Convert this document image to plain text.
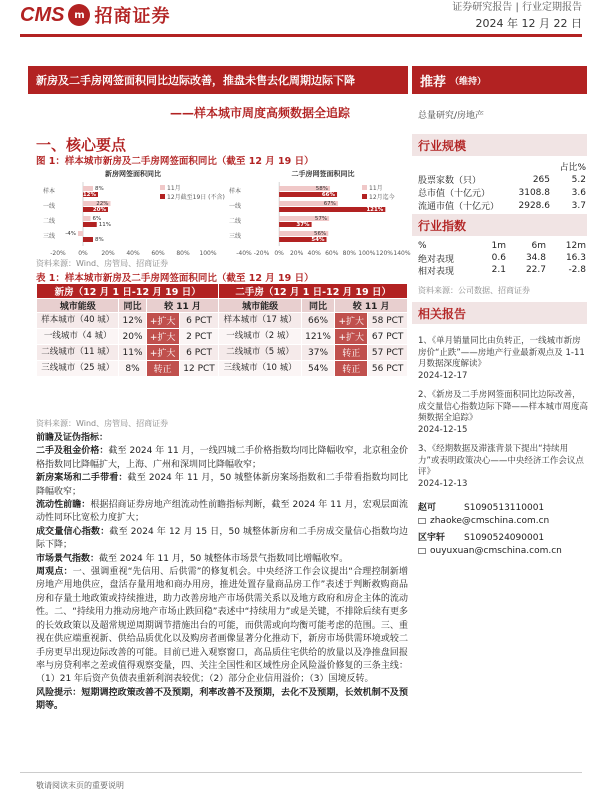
CMS m 招商证券	证券研究报告 | 行业定期报告
2024 年 12 月 22 日
新房及二手房网签面积同比边际改善，推盘未售去化周期边际下降
——样本城市周度高频数据全追踪
推荐 （维持）
总量研究/房地产
行业规模
占比%
股票家数（只）	265	5.2
总市值（十亿元）	3108.8	3.6
流通市值（十亿元）	2928.6	3.7
行业指数
%	1m	6m	12m
绝对表现	0.6	34.8	16.3
相对表现	2.1	22.7	-2.8
资料来源：公司数据、招商证券
相关报告
1、《单月销量同比由负转正，一线城市新房房价“止跌”——房地产行业最新观点及 1-11 月数据深度解读》
2024-12-17
2、《新房及二手房网签面积同比边际改善，成交量信心指数边际下降——样本城市周度高频数据全追踪》
2024-12-15
3、《经期数据及滞涨背景下提出“持续用力”或表明政策决心——中央经济工作会议点评》
2024-12-13
赵可	S1090513110001
zhaoke@cmschina.com.cn
区宇轩 S1090524090001
ouyuxuan@cmschina.com.cn
一、核心要点
图 1：样本城市新房及二手房网签面积同比（截至 12 月 19 日）
新房网签面积同比
11月
12月截至19日 (不含)
样本	8%
12%
一线	22%
20%
二线	6%
11%
三线 -4%
8%
-20% 0% 20% 40% 60% 80% 100%
二手房网签面积同比
11月
12月迄今
样本	58%
66%
一线	67%
121%
二线	57%
37%
三线	56%
54%
-40% -20% 0% 20% 40% 60% 80% 100% 120% 140%
资料来源：Wind、房管局、招商证券
表 1：样本城市新房及二手房网签面积同比（截至 12 月 19 日）
新房（12 月 1 日-12 月 19 日）				二手房（12 月 1 日-12 月 19 日）			
城市能级	同比	较 11 月		城市能级	同比	较 11 月	
样本城市（40 城）	12%	+扩大	6 PCT	样本城市（17 城）	66%	+扩大	58 PCT
一线城市（4 城）	20%	+扩大	2 PCT	一线城市（2 城）	121%	+扩大	67 PCT
二线城市（11 城）	11%	+扩大	6 PCT	二线城市（5 城）	37%	转正	57 PCT
三线城市（25 城）	8%	转正	12 PCT	三线城市（10 城）	54%	转正	56 PCT
资料来源：Wind、房管局、招商证券
前瞻及证伪指标：
二手及租金价格：截至 2024 年 11 月，一线四城二手价格指数均同比降幅收窄，北京租金价格指数同比降幅扩大，上海、广州和深圳同比降幅收窄；
新房案场和二手带看：截至 2024 年 11 月，50 城整体新房案场指数和二手带看指数均同比降幅收窄；
流动性前瞻：根据招商证券房地产组流动性前瞻指标判断，截至 2024 年 11 月，宏观层面流动性同环比宽松力度扩大；
成交量信心指数：截至 2024 年 12 月 15 日，50 城整体新房和二手房成交量信心指数均边际下降；
市场景气指数：截至 2024 年 11 月，50 城整体市场景气指数同比增幅收窄。
周观点：一、强调重视“先信用、后供需”的修复机会。中央经济工作会议提出“合理控制新增房地产用地供应，盘活存量用地和商办用房，推进处置存量商品房工作”表述于判断救购商品房和存量土地政策或持续推进，助力改善房地产市场供需关系以及地方政府和房企主体的流动性。二、“持续用力推动房地产市场止跌回稳”表述中“持续用力”或是关键，不排除后续有更多的长效政策以及超常规逆周期调节措施出台的可能，而供需或向均衡可能考虑的范围。三、重视在供应端重视新、供给品质优化以及购房者画像显著分化推动下，新房市场供需环境或较二手房更早出现边际改善的可能。目前已进入观察窗口，高品质住宅供给的放量以及净推盘回报率与房贷利率之差或值得观察变量，四、关注全国性和区域性房企风险溢价修复的三条主线：（1）21 年后资产负债表重新利润表较优；（2）部分企业信用溢价；（3）国境反转。
风险提示：短期调控政策改善不及预期，利率改善不及预期，去化不及预期，长效机制不及预期等。
敬请阅读末页的重要说明
